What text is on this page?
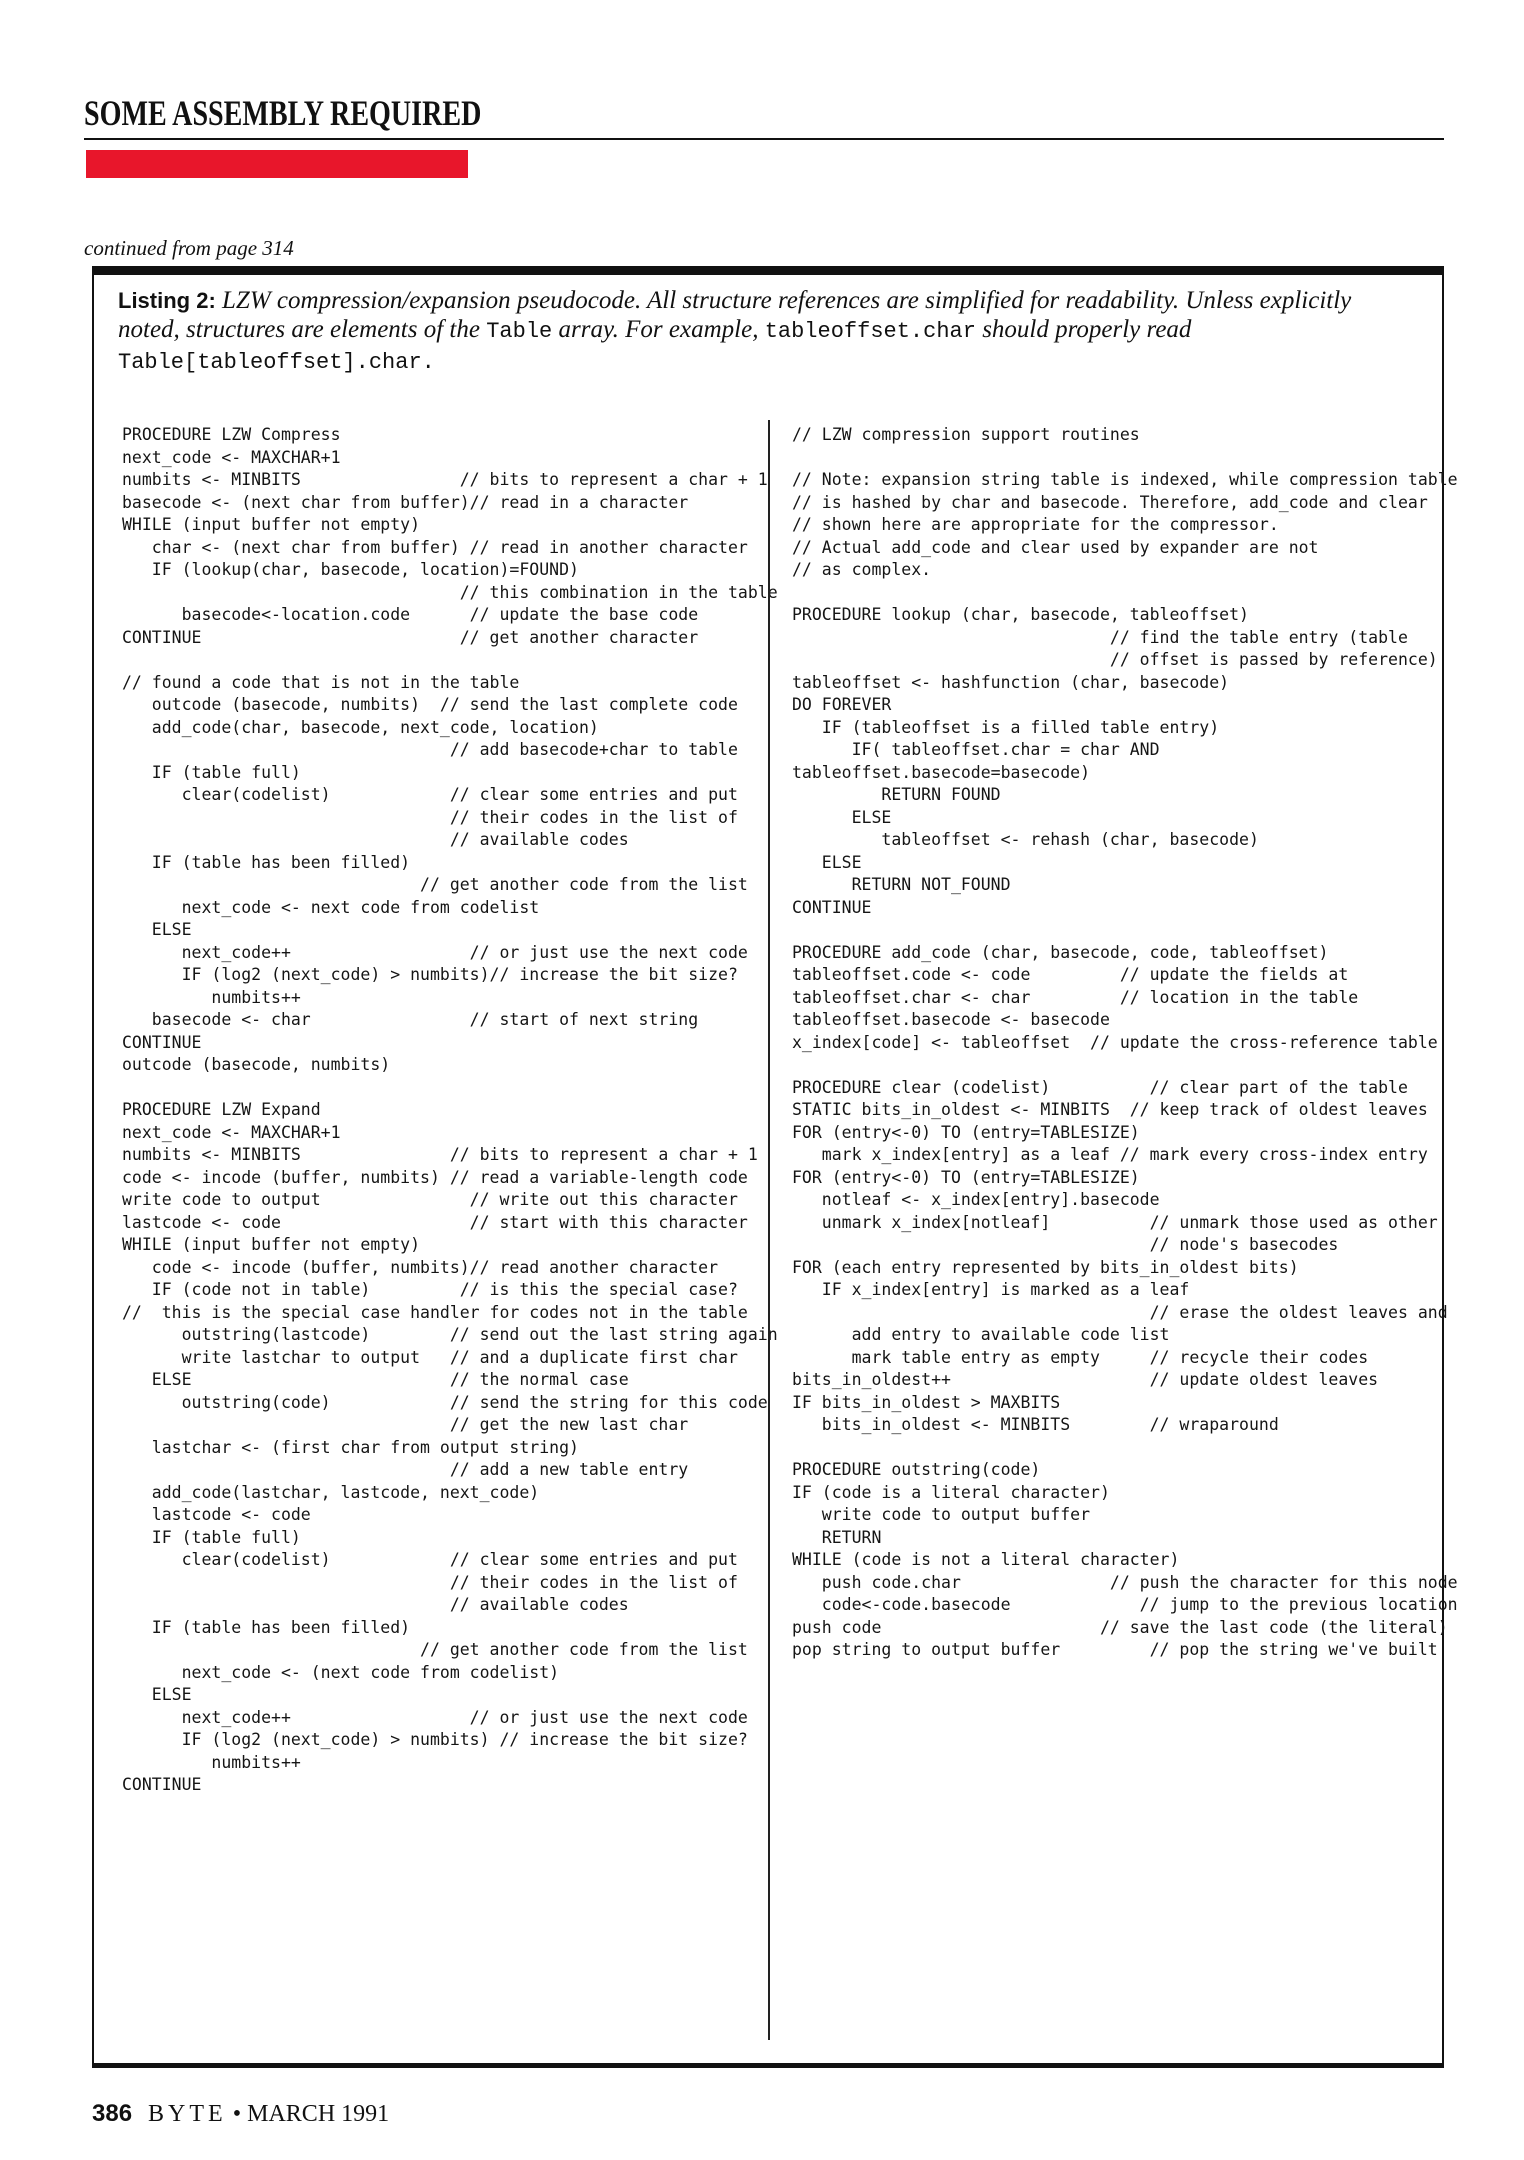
SOME ASSEMBLY REQUIRED
continued from page 314
Listing 2: LZW compression/expansion pseudocode. All structure references are simplified for readability. Unless explicitly noted, structures are elements of the Table array. For example, tableoffset.char should properly read Table[tableoffset].char.
PROCEDURE LZW Compress
next_code <- MAXCHAR+1
numbits <- MINBITS                // bits to represent a char + 1
basecode <- (next char from buffer)// read in a character
WHILE (input buffer not empty)
char <- (next char from buffer) // read in another character
IF (lookup(char, basecode, location)=FOUND)
// this combination in the table
basecode<-location.code      // update the base code
CONTINUE                          // get another character

// found a code that is not in the table
outcode (basecode, numbits)  // send the last complete code
add_code(char, basecode, next_code, location)
// add basecode+char to table
IF (table full)
clear(codelist)            // clear some entries and put
// their codes in the list of
// available codes
IF (table has been filled)
// get another code from the list
next_code <- next code from codelist
ELSE
next_code++                  // or just use the next code
IF (log2 (next_code) > numbits)// increase the bit size?
numbits++
basecode <- char                // start of next string
CONTINUE
outcode (basecode, numbits)

PROCEDURE LZW Expand
next_code <- MAXCHAR+1
numbits <- MINBITS               // bits to represent a char + 1
code <- incode (buffer, numbits) // read a variable-length code
write code to output               // write out this character
lastcode <- code                   // start with this character
WHILE (input buffer not empty)
code <- incode (buffer, numbits)// read another character
IF (code not in table)         // is this the special case?
//  this is the special case handler for codes not in the table
outstring(lastcode)        // send out the last string again
write lastchar to output   // and a duplicate first char
ELSE                          // the normal case
outstring(code)            // send the string for this code
// get the new last char
lastchar <- (first char from output string)
// add a new table entry
add_code(lastchar, lastcode, next_code)
lastcode <- code
IF (table full)
clear(codelist)            // clear some entries and put
// their codes in the list of
// available codes
IF (table has been filled)
// get another code from the list
next_code <- (next code from codelist)
ELSE
next_code++                  // or just use the next code
IF (log2 (next_code) > numbits) // increase the bit size?
numbits++
CONTINUE
// LZW compression support routines

// Note: expansion string table is indexed, while compression table
// is hashed by char and basecode. Therefore, add_code and clear
// shown here are appropriate for the compressor.
// Actual add_code and clear used by expander are not
// as complex.

PROCEDURE lookup (char, basecode, tableoffset)
// find the table entry (table
// offset is passed by reference)
tableoffset <- hashfunction (char, basecode)
DO FOREVER
IF (tableoffset is a filled table entry)
IF( tableoffset.char = char AND
tableoffset.basecode=basecode)
RETURN FOUND
ELSE
tableoffset <- rehash (char, basecode)
ELSE
RETURN NOT_FOUND
CONTINUE

PROCEDURE add_code (char, basecode, code, tableoffset)
tableoffset.code <- code         // update the fields at
tableoffset.char <- char         // location in the table
tableoffset.basecode <- basecode
x_index[code] <- tableoffset  // update the cross-reference table

PROCEDURE clear (codelist)          // clear part of the table
STATIC bits_in_oldest <- MINBITS  // keep track of oldest leaves
FOR (entry<-0) TO (entry=TABLESIZE)
mark x_index[entry] as a leaf // mark every cross-index entry
FOR (entry<-0) TO (entry=TABLESIZE)
notleaf <- x_index[entry].basecode
unmark x_index[notleaf]          // unmark those used as other
// node's basecodes
FOR (each entry represented by bits_in_oldest bits)
IF x_index[entry] is marked as a leaf
// erase the oldest leaves and
add entry to available code list
mark table entry as empty     // recycle their codes
bits_in_oldest++                    // update oldest leaves
IF bits_in_oldest > MAXBITS
bits_in_oldest <- MINBITS        // wraparound

PROCEDURE outstring(code)
IF (code is a literal character)
write code to output buffer
RETURN
WHILE (code is not a literal character)
push code.char               // push the character for this node
code<-code.basecode             // jump to the previous location
push code                      // save the last code (the literal)
pop string to output buffer         // pop the string we've built
386 BYTE • MARCH 1991
